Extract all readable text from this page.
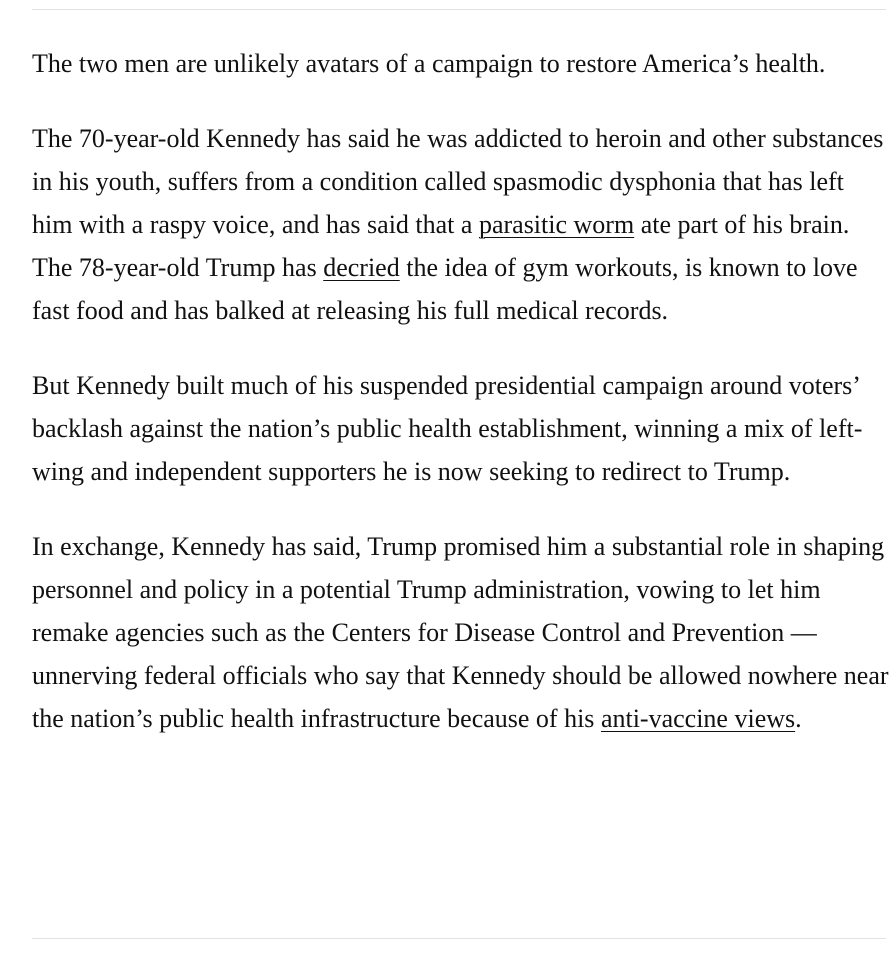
The two men are unlikely avatars of a campaign to restore America’s health.

The 70-year-old Kennedy has said he was addicted to heroin and other substances in his youth, suffers from a condition called spasmodic dysphonia that has left him with a raspy voice, and has said that a parasitic worm ate part of his brain. The 78-year-old Trump has decried the idea of gym workouts, is known to love fast food and has balked at releasing his full medical records.

But Kennedy built much of his suspended presidential campaign around voters’ backlash against the nation’s public health establishment, winning a mix of left-wing and independent supporters he is now seeking to redirect to Trump.

In exchange, Kennedy has said, Trump promised him a substantial role in shaping personnel and policy in a potential Trump administration, vowing to let him remake agencies such as the Centers for Disease Control and Prevention — unnerving federal officials who say that Kennedy should be allowed nowhere near the nation’s public health infrastructure because of his anti-vaccine views.
